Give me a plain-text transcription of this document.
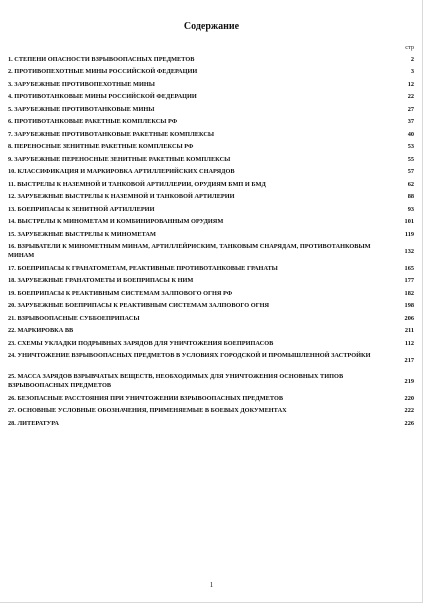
Содержание
стр
1. СТЕПЕНИ ОПАСНОСТИ ВЗРЫВООПАСНЫХ ПРЕДМЕТОВ	2
2. ПРОТИВОПЕХОТНЫЕ МИНЫ РОССИЙСКОЙ ФЕДЕРАЦИИ	3
3. ЗАРУБЕЖНЫЕ ПРОТИВОПЕХОТНЫЕ МИНЫ	12
4. ПРОТИВОТАНКОВЫЕ МИНЫ РОССИЙСКОЙ ФЕДЕРАЦИИ	22
5. ЗАРУБЕЖНЫЕ ПРОТИВОТАНКОВЫЕ МИНЫ	27
6. ПРОТИВОТАНКОВЫЕ РАКЕТНЫЕ КОМПЛЕКСЫ РФ	37
7. ЗАРУБЕЖНЫЕ ПРОТИВОТАНКОВЫЕ РАКЕТНЫЕ КОМПЛЕКСЫ	40
8. ПЕРЕНОСНЫЕ ЗЕНИТНЫЕ РАКЕТНЫЕ КОМПЛЕКСЫ РФ	53
9. ЗАРУБЕЖНЫЕ ПЕРЕНОСНЫЕ ЗЕНИТНЫЕ РАКЕТНЫЕ КОМПЛЕКСЫ	55
10. КЛАССИФИКАЦИЯ И МАРКИРОВКА АРТИЛЛЕРИЙСКИХ СНАРЯДОВ	57
11. ВЫСТРЕЛЫ К НАЗЕМНОЙ И ТАНКОВОЙ АРТИЛЛЕРИИ, ОРУДИЯМ БМП И БМД	62
12. ЗАРУБЕЖНЫЕ ВЫСТРЕЛЫ К НАЗЕМНОЙ И ТАНКОВОЙ АРТИЛЕРИИ	88
13. БОЕПРИПАСЫ К ЗЕНИТНОЙ АРТИЛЛЕРИИ	93
14. ВЫСТРЕЛЫ К МИНОМЕТАМ И КОМБИНИРОВАННЫМ ОРУДИЯМ	101
15. ЗАРУБЕЖНЫЕ ВЫСТРЕЛЫ К МИНОМЕТАМ	119
16. ВЗРЫВАТЕЛИ К МИНОМЕТНЫМ МИНАМ, АРТИЛЛЕЙРИСКИМ, ТАНКОВЫМ СНАРЯДАМ, ПРОТИВОТАНКОВЫМ МИНАМ
132
17. БОЕПРИПАСЫ К ГРАНАТОМЕТАМ, РЕАКТИВНЫЕ ПРОТИВОТАНКОВЫЕ ГРАНАТЫ	165
18. ЗАРУБЕЖНЫЕ ГРАНАТОМЕТЫ И БОЕПРИПАСЫ К НИМ	177
19. БОЕПРИПАСЫ К РЕАКТИВНЫМ СИСТЕМАМ ЗАЛПОВОГО ОГНЯ РФ	182
20. ЗАРУБЕЖНЫЕ БОЕПРИПАСЫ К РЕАКТИВНЫМ СИСТЕМАМ ЗАЛПОВОГО ОГНЯ	198
21. ВЗРЫВООПАСНЫЕ СУББОЕПРИПАСЫ	206
22. МАРКИРОВКА ВВ	211
23. СХЕМЫ УКЛАДКИ ПОДРЫВНЫХ ЗАРЯДОВ ДЛЯ УНИЧТОЖЕНИЯ БОЕПРИПАСОВ	112
24. УНИЧТОЖЕНИЕ ВЗРЫВООПАСНЫХ ПРЕДМЕТОВ В УСЛОВИЯХ ГОРОДСКОЙ И ПРОМЫШЛЕННОЙ ЗАСТРОЙКИ
217
25. МАССА ЗАРЯДОВ ВЗРЫВЧАТЫХ ВЕЩЕСТВ, НЕОБХОДИМЫХ ДЛЯ УНИЧТОЖЕНИЯ ОСНОВНЫХ ТИПОВ ВЗРЫВООПАСНЫХ ПРЕДМЕТОВ
219
26. БЕЗОПАСНЫЕ РАССТОЯНИЯ ПРИ УНИЧТОЖЕНИИ ВЗРЫВООПАСНЫХ ПРЕДМЕТОВ	220
27. ОСНОВНЫЕ УСЛОВНЫЕ ОБОЗНАЧЕНИЯ, ПРИМЕНЯЕМЫЕ В БОЕВЫХ ДОКУМЕНТАХ	222
28. ЛИТЕРАТУРА	226
1
